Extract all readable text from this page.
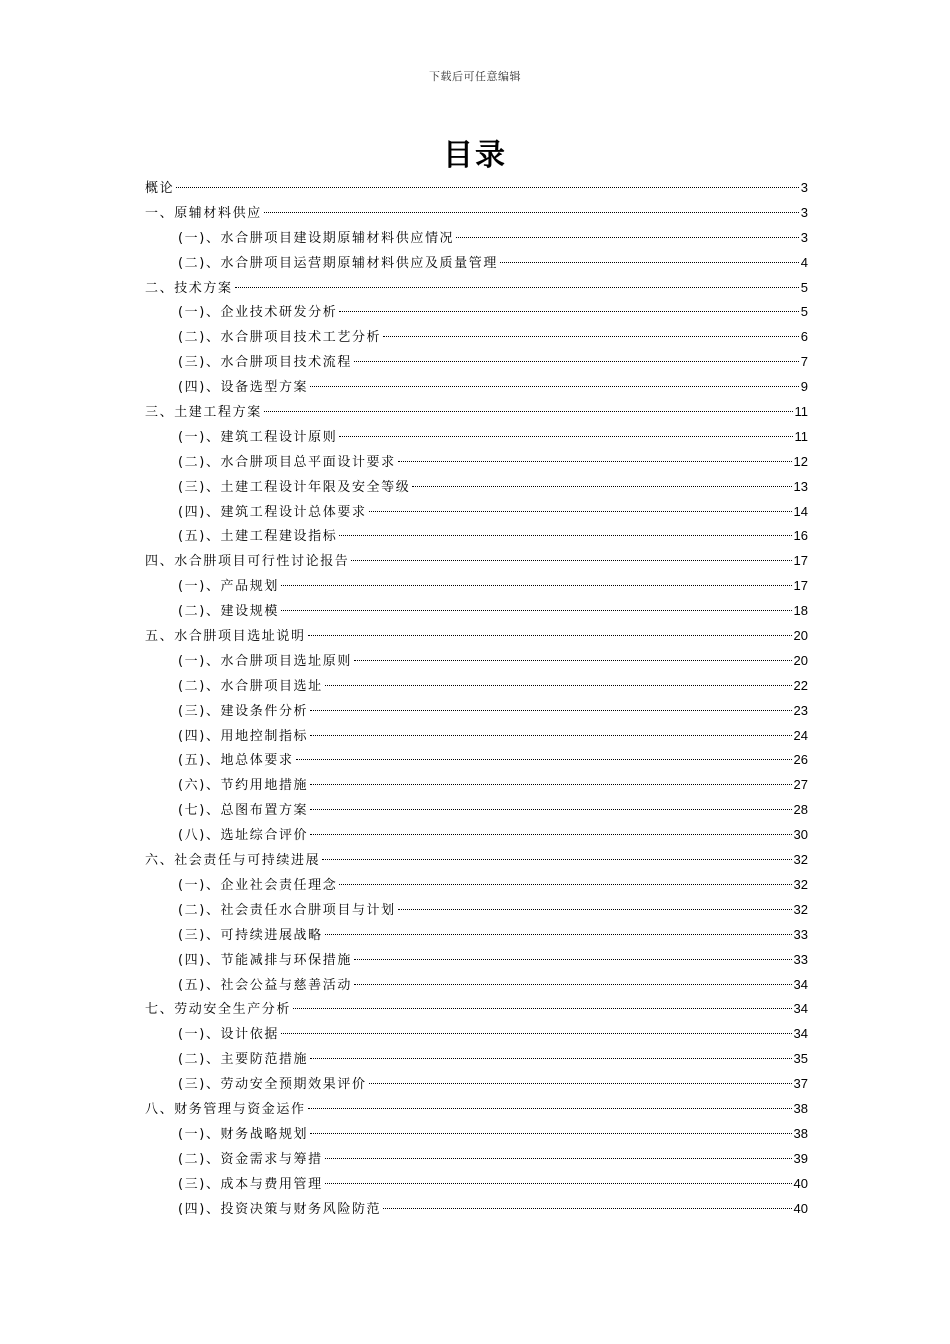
下载后可任意编辑
目录
概论	3
一、原辅材料供应	3
(一)、水合肼项目建设期原辅材料供应情况	3
(二)、水合肼项目运营期原辅材料供应及质量管理	4
二、技术方案	5
(一)、企业技术研发分析	5
(二)、水合肼项目技术工艺分析	6
(三)、水合肼项目技术流程	7
(四)、设备选型方案	9
三、土建工程方案	11
(一)、建筑工程设计原则	11
(二)、水合肼项目总平面设计要求	12
(三)、土建工程设计年限及安全等级	13
(四)、建筑工程设计总体要求	14
(五)、土建工程建设指标	16
四、水合肼项目可行性讨论报告	17
(一)、产品规划	17
(二)、建设规模	18
五、水合肼项目选址说明	20
(一)、水合肼项目选址原则	20
(二)、水合肼项目选址	22
(三)、建设条件分析	23
(四)、用地控制指标	24
(五)、地总体要求	26
(六)、节约用地措施	27
(七)、总图布置方案	28
(八)、选址综合评价	30
六、社会责任与可持续进展	32
(一)、企业社会责任理念	32
(二)、社会责任水合肼项目与计划	32
(三)、可持续进展战略	33
(四)、节能减排与环保措施	33
(五)、社会公益与慈善活动	34
七、劳动安全生产分析	34
(一)、设计依据	34
(二)、主要防范措施	35
(三)、劳动安全预期效果评价	37
八、财务管理与资金运作	38
(一)、财务战略规划	38
(二)、资金需求与筹措	39
(三)、成本与费用管理	40
(四)、投资决策与财务风险防范	40
